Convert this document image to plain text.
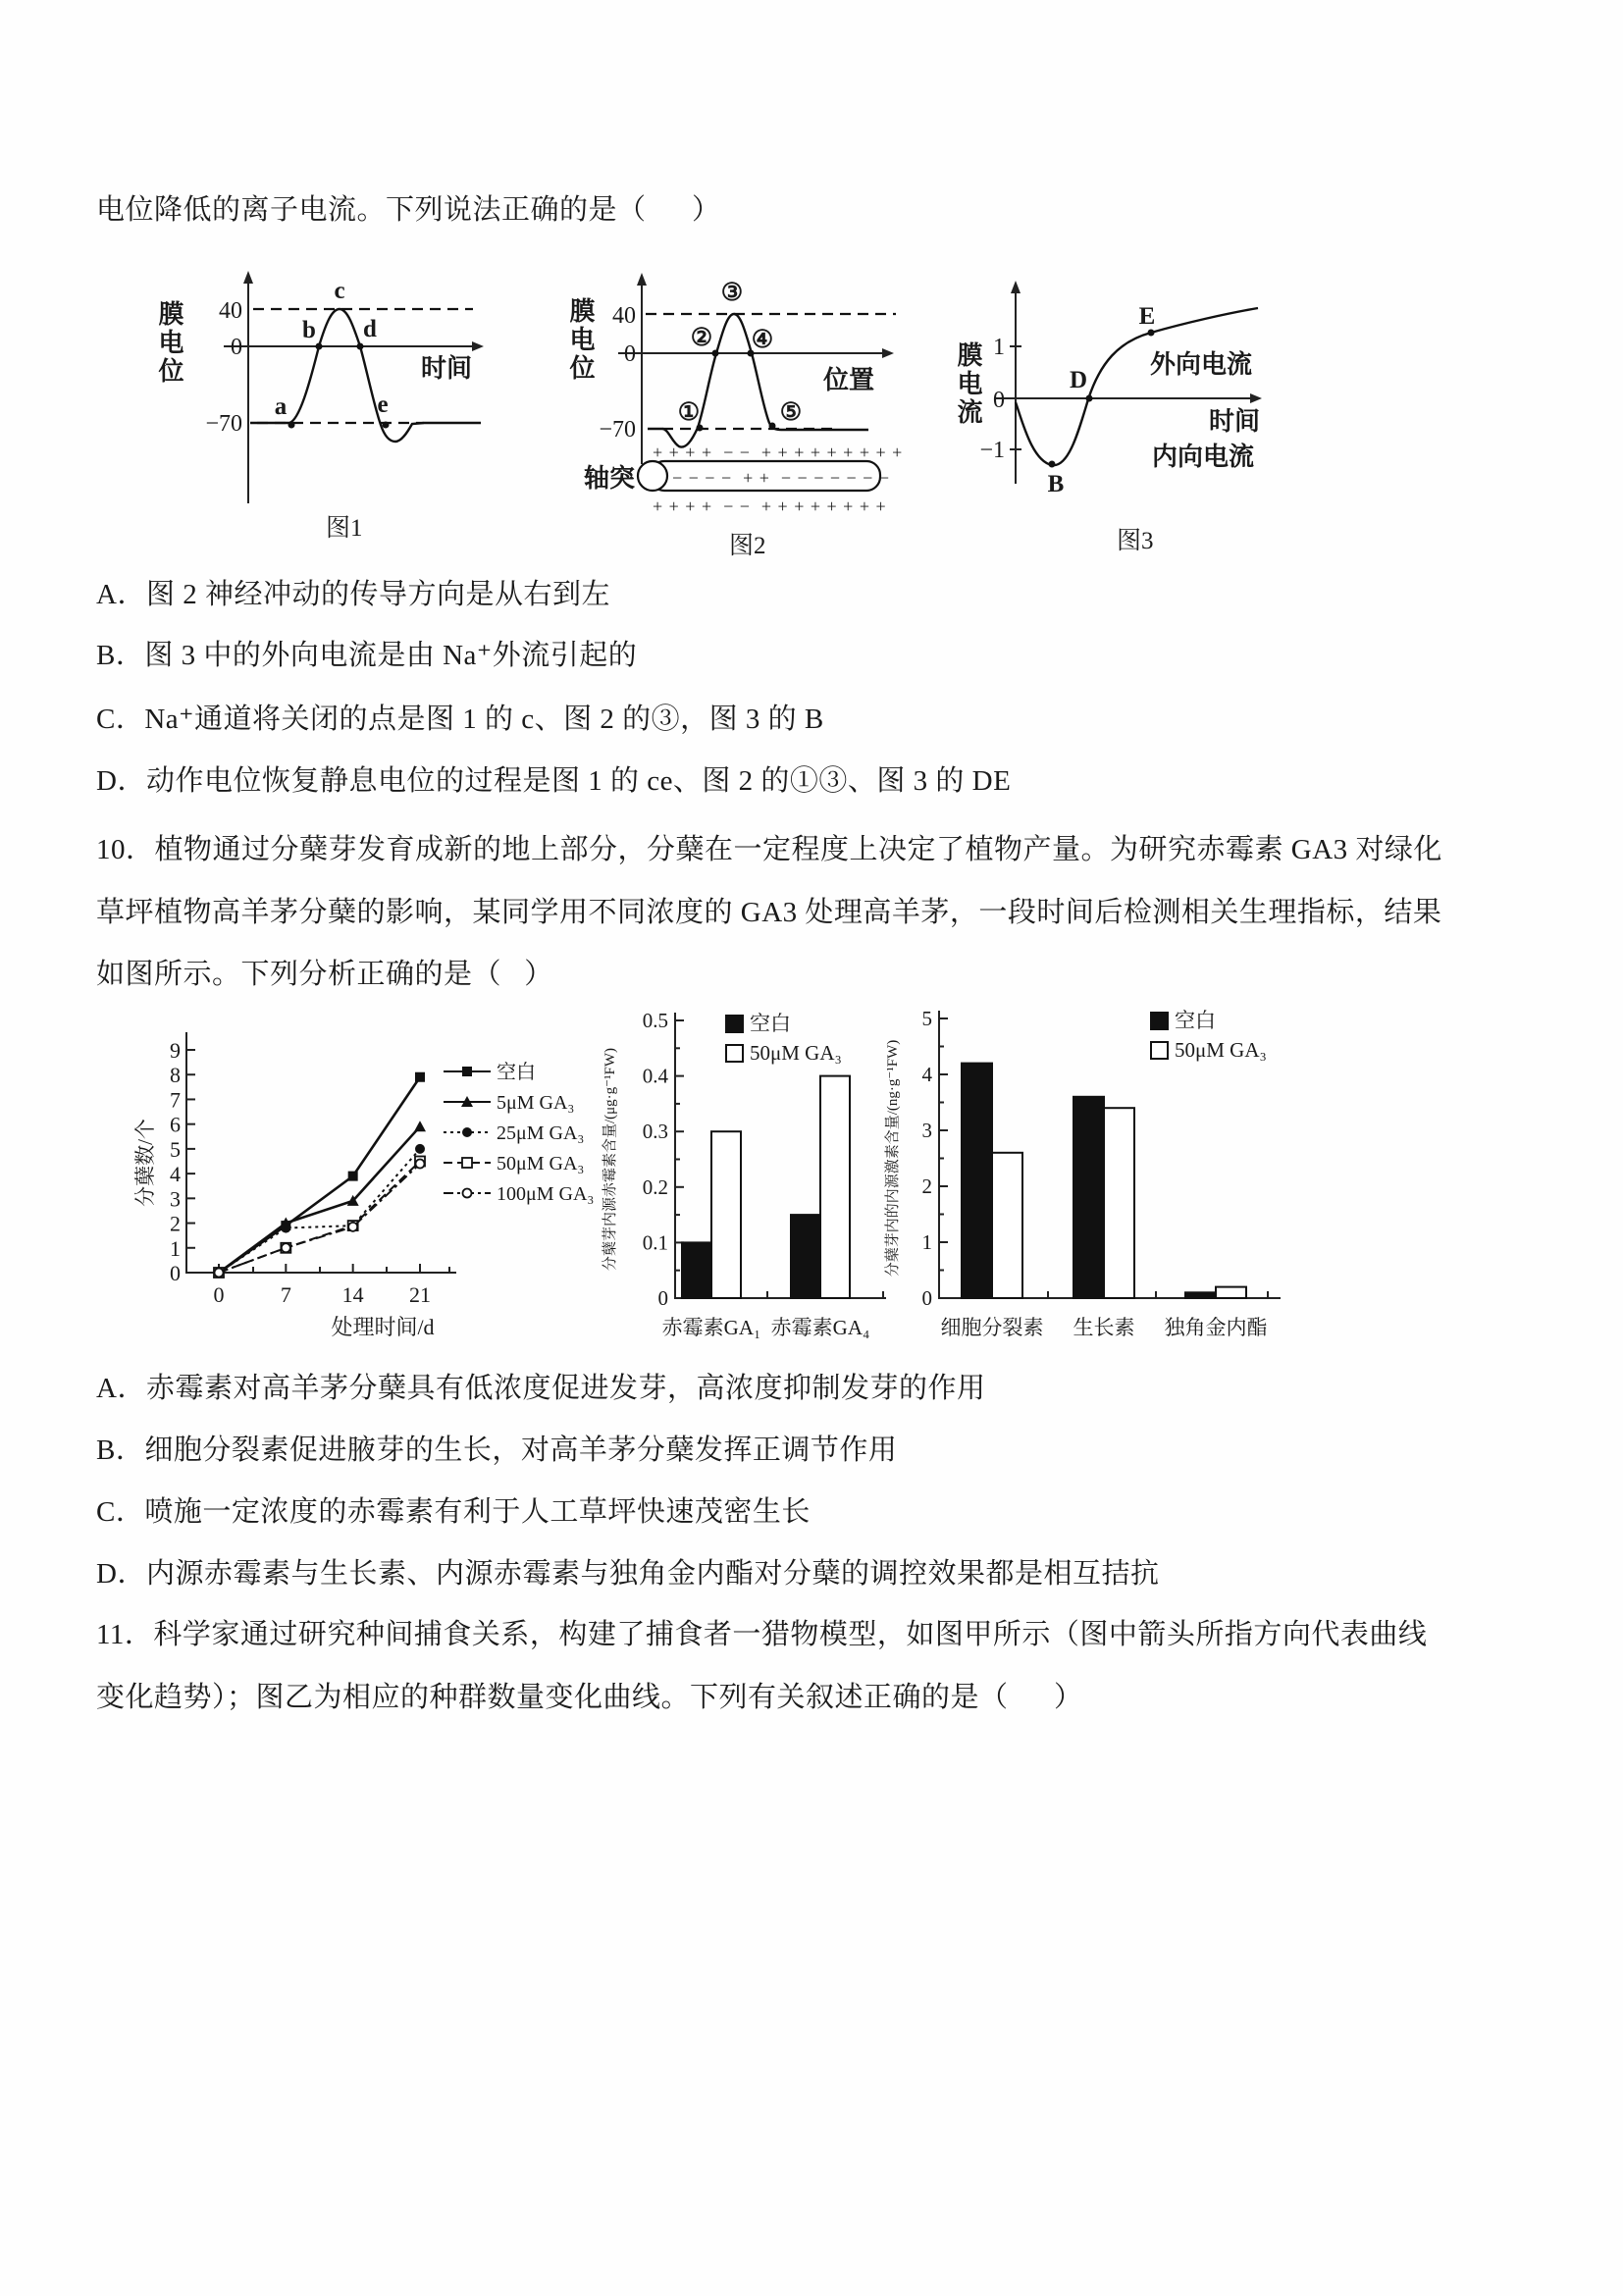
电位降低的离子电流。下列说法正确的是（      ）
40
0
−70
a
b
c
d
e
时间
膜电位
图1
40
0
−70
①
②
③
④
⑤
位置
+ + + +  − −  + + + + + + + + +
− − − −  + +  − − − − − − −
+ + + +  − −  + + + + + + + +
轴突
膜电位
图2
1
0
−1
B
D
E
外向电流
时间
内向电流
膜电流
图3
A．图 2 神经冲动的传导方向是从右到左
B．图 3 中的外向电流是由 Na⁺外流引起的
C．Na⁺通道将关闭的点是图 1 的 c、图 2 的③，图 3 的 B
D．动作电位恢复静息电位的过程是图 1 的 ce、图 2 的①③、图 3 的 DE
10．植物通过分蘖芽发育成新的地上部分，分蘖在一定程度上决定了植物产量。为研究赤霉素 GA3 对绿化
草坪植物高羊茅分蘖的影响，某同学用不同浓度的 GA3 处理高羊茅，一段时间后检测相关生理指标，结果
如图所示。下列分析正确的是（   ）
0
1
2
3
4
5
6
7
8
9
0	7 14 21
空白
5μM GA₃
25μM GA₃
50μM GA₃
100μM GA₃
分蘖数/个
处理时间/d
0
0.1
0.2
0.3
0.4
0.5	空白
50μM GA₃
赤霉素GA₁ 赤霉素GA₄
分蘖芽内源赤霉素含量/(μg·g⁻¹FW)
0
1
2
3
4
5	空白
50μM GA₃
细胞分裂素 生长素 独角金内酯
分蘖芽内的内源激素含量/(ng·g⁻¹FW)
A．赤霉素对高羊茅分蘖具有低浓度促进发芽，高浓度抑制发芽的作用
B．细胞分裂素促进腋芽的生长，对高羊茅分蘖发挥正调节作用
C．喷施一定浓度的赤霉素有利于人工草坪快速茂密生长
D．内源赤霉素与生长素、内源赤霉素与独角金内酯对分蘖的调控效果都是相互拮抗
11．科学家通过研究种间捕食关系，构建了捕食者一猎物模型，如图甲所示（图中箭头所指方向代表曲线
变化趋势）；图乙为相应的种群数量变化曲线。下列有关叙述正确的是（      ）
